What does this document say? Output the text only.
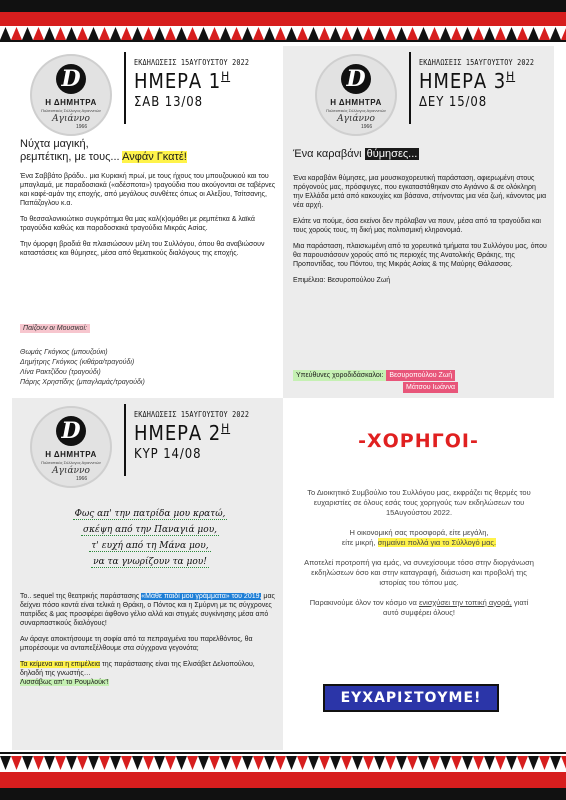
D
Η ΔΗΜΗΤΡΑ
Πολιτιστικός Σύλλογος Αγιαννιτών
Αγιάννο
1966
ΕΚΔΗΛΩΣΕΙΣ 15ΑΥΓΟΥΣΤΟΥ 2022
ΗΜΕΡΑ $1^H$
ΣΑΒ 13/08
Νύχτα μαγική,
ρεμπέτικη, με τους... Ανφάν Γκατέ!

Ένα Σαββάτο βράδυ.. μια Κυριακή πρωί, με τους ήχους του μπουζουκιού και του μπαγλαμά, με παραδοσιακά («αδέσποτα») τραγούδια που ακούγονται σε ταβέρνες και καφέ-αμάν της εποχής, από μεγάλους συνθέτες όπως οι Αλεξίου, Τσίτσανης, Παπάζογλου κ.α.

Το θεσσαλονικιώτικο συγκρότημα θα μας καλ(κ)ομάθει με ρεμπέτικα & λαϊκά τραγούδια καθώς και παραδοσιακά τραγούδια Μικράς Ασίας.

Την όμορφη βραδιά θα πλαισιώσουν μέλη του Συλλόγου, όπου θα αναβιώσουν καταστάσεις και θύμησες, μέσα από θεματικούς διαλόγους της εποχής.

Παίζουν οι Μουσικοί:
Θωμάς Γκόγκος (μπουζούκι)
Δημήτρης Γκόγκος (κιθάρα/τραγούδι)
Λίνα Ρακτζίδου (τραγούδι)
Πάρης Χρηστίδης (μπαγλαμάς/τραγούδι)
D
Η ΔΗΜΗΤΡΑ
Πολιτιστικός Σύλλογος Αγιαννιτών
Αγιάννο
1966
ΕΚΔΗΛΩΣΕΙΣ 15ΑΥΓΟΥΣΤΟΥ 2022
ΗΜΕΡΑ $3^H$
ΔΕΥ 15/08
Ένα καραβάνι θύμησες...

Ένα καραβάνι θύμησες, μια μουσικοχορευτική παράσταση, αφιερωμένη στους πρόγονούς μας, πρόσφυγες, που εγκαταστάθηκαν στο Αγιάννο & σε ολόκληρη την Ελλάδα μετά από κακουχίες και βάσανα, στήνοντας μια νέα ζωή, κάνοντας μια νέα αρχή.

Ελάτε να πούμε, όσα εκείνοι δεν πρόλαβαν να πουν, μέσα από τα τραγούδια και τους χορούς τους, τη δική μας πολιτισμική κληρονομιά.

Μια παράσταση, πλαισιωμένη από τα χορευτικά τμήματα του Συλλόγου μας, όπου θα παρουσιάσουν χορούς από τις περιοχές της Ανατολικής Θράκης, της Προποντίδας, του Πόντου, της Μικράς Ασίας & της Μαύρης Θάλασσας.

Επιμέλεια: Βεσυροπούλου Ζωή

Υπεύθυνες χοροδιδάσκαλοι: Βεσυροπούλου Ζωή
Μάτσου Ιωάννα
D
Η ΔΗΜΗΤΡΑ
Πολιτιστικός Σύλλογος Αγιαννιτών
Αγιάννο
1966
ΕΚΔΗΛΩΣΕΙΣ 15ΑΥΓΟΥΣΤΟΥ 2022
ΗΜΕΡΑ $2^H$
ΚΥΡ 14/08
Φως απ' την πατρίδα μου κρατώ,
σκέψη από την Παναγιά μου,
τ' ευχή από τη Μάνα μου,
να τα γνωρίζουν τα μου!

Το.. sequel της θεατρικής παράστασης «Μάθε παιδί μου γράμματα» του 2019, μας δείχνει πόσο κοντά είναι τελικά η Θράκη, ο Πόντος και η Σμύρνη με τις σύγχρονες πατρίδες & μας προσφέρει άφθονο γέλιο αλλά και στιγμές συγκίνησης μέσα από συναρπαστικούς διαλόγους!

Αν άραγε αποκτήσουμε τη σοφία από τα πεπραγμένα του παρελθόντος, θα μπορέσουμε να ανταπεξέλθουμε στα σύγχρονα γεγονότα;

Τα κείμενα και η επιμέλεια της παράστασης είναι της Ελισάβετ Δελιοπούλου, δηλαδή της γνωστής…
Λισσάβως απ' το Ρουμλούκ'!

-ΧΟΡΗΓΟΙ-

Το Διοικητικό Συμβούλιο του Συλλόγου μας, εκφράζει τις θερμές του ευχαριστίες σε όλους εσάς τους χορηγούς των εκδηλώσεων του 15Αυγούστου 2022.

Η οικονομική σας προσφορά, είτε μεγάλη,
είτε μικρή, σημαίνει πολλά για το Σύλλογό μας.

Αποτελεί προτροπή για εμάς, να συνεχίσουμε τόσο στην διοργάνωση εκδηλώσεων όσο και στην καταγραφή, διάσωση και προβολή της ιστορίας του τόπου μας.

Παρακινούμε όλον τον κόσμο να ενισχύσει την τοπική αγορά, γιατί αυτό συμφέρει όλους!

ΕΥΧΑΡΙΣΤΟΥΜΕ!
